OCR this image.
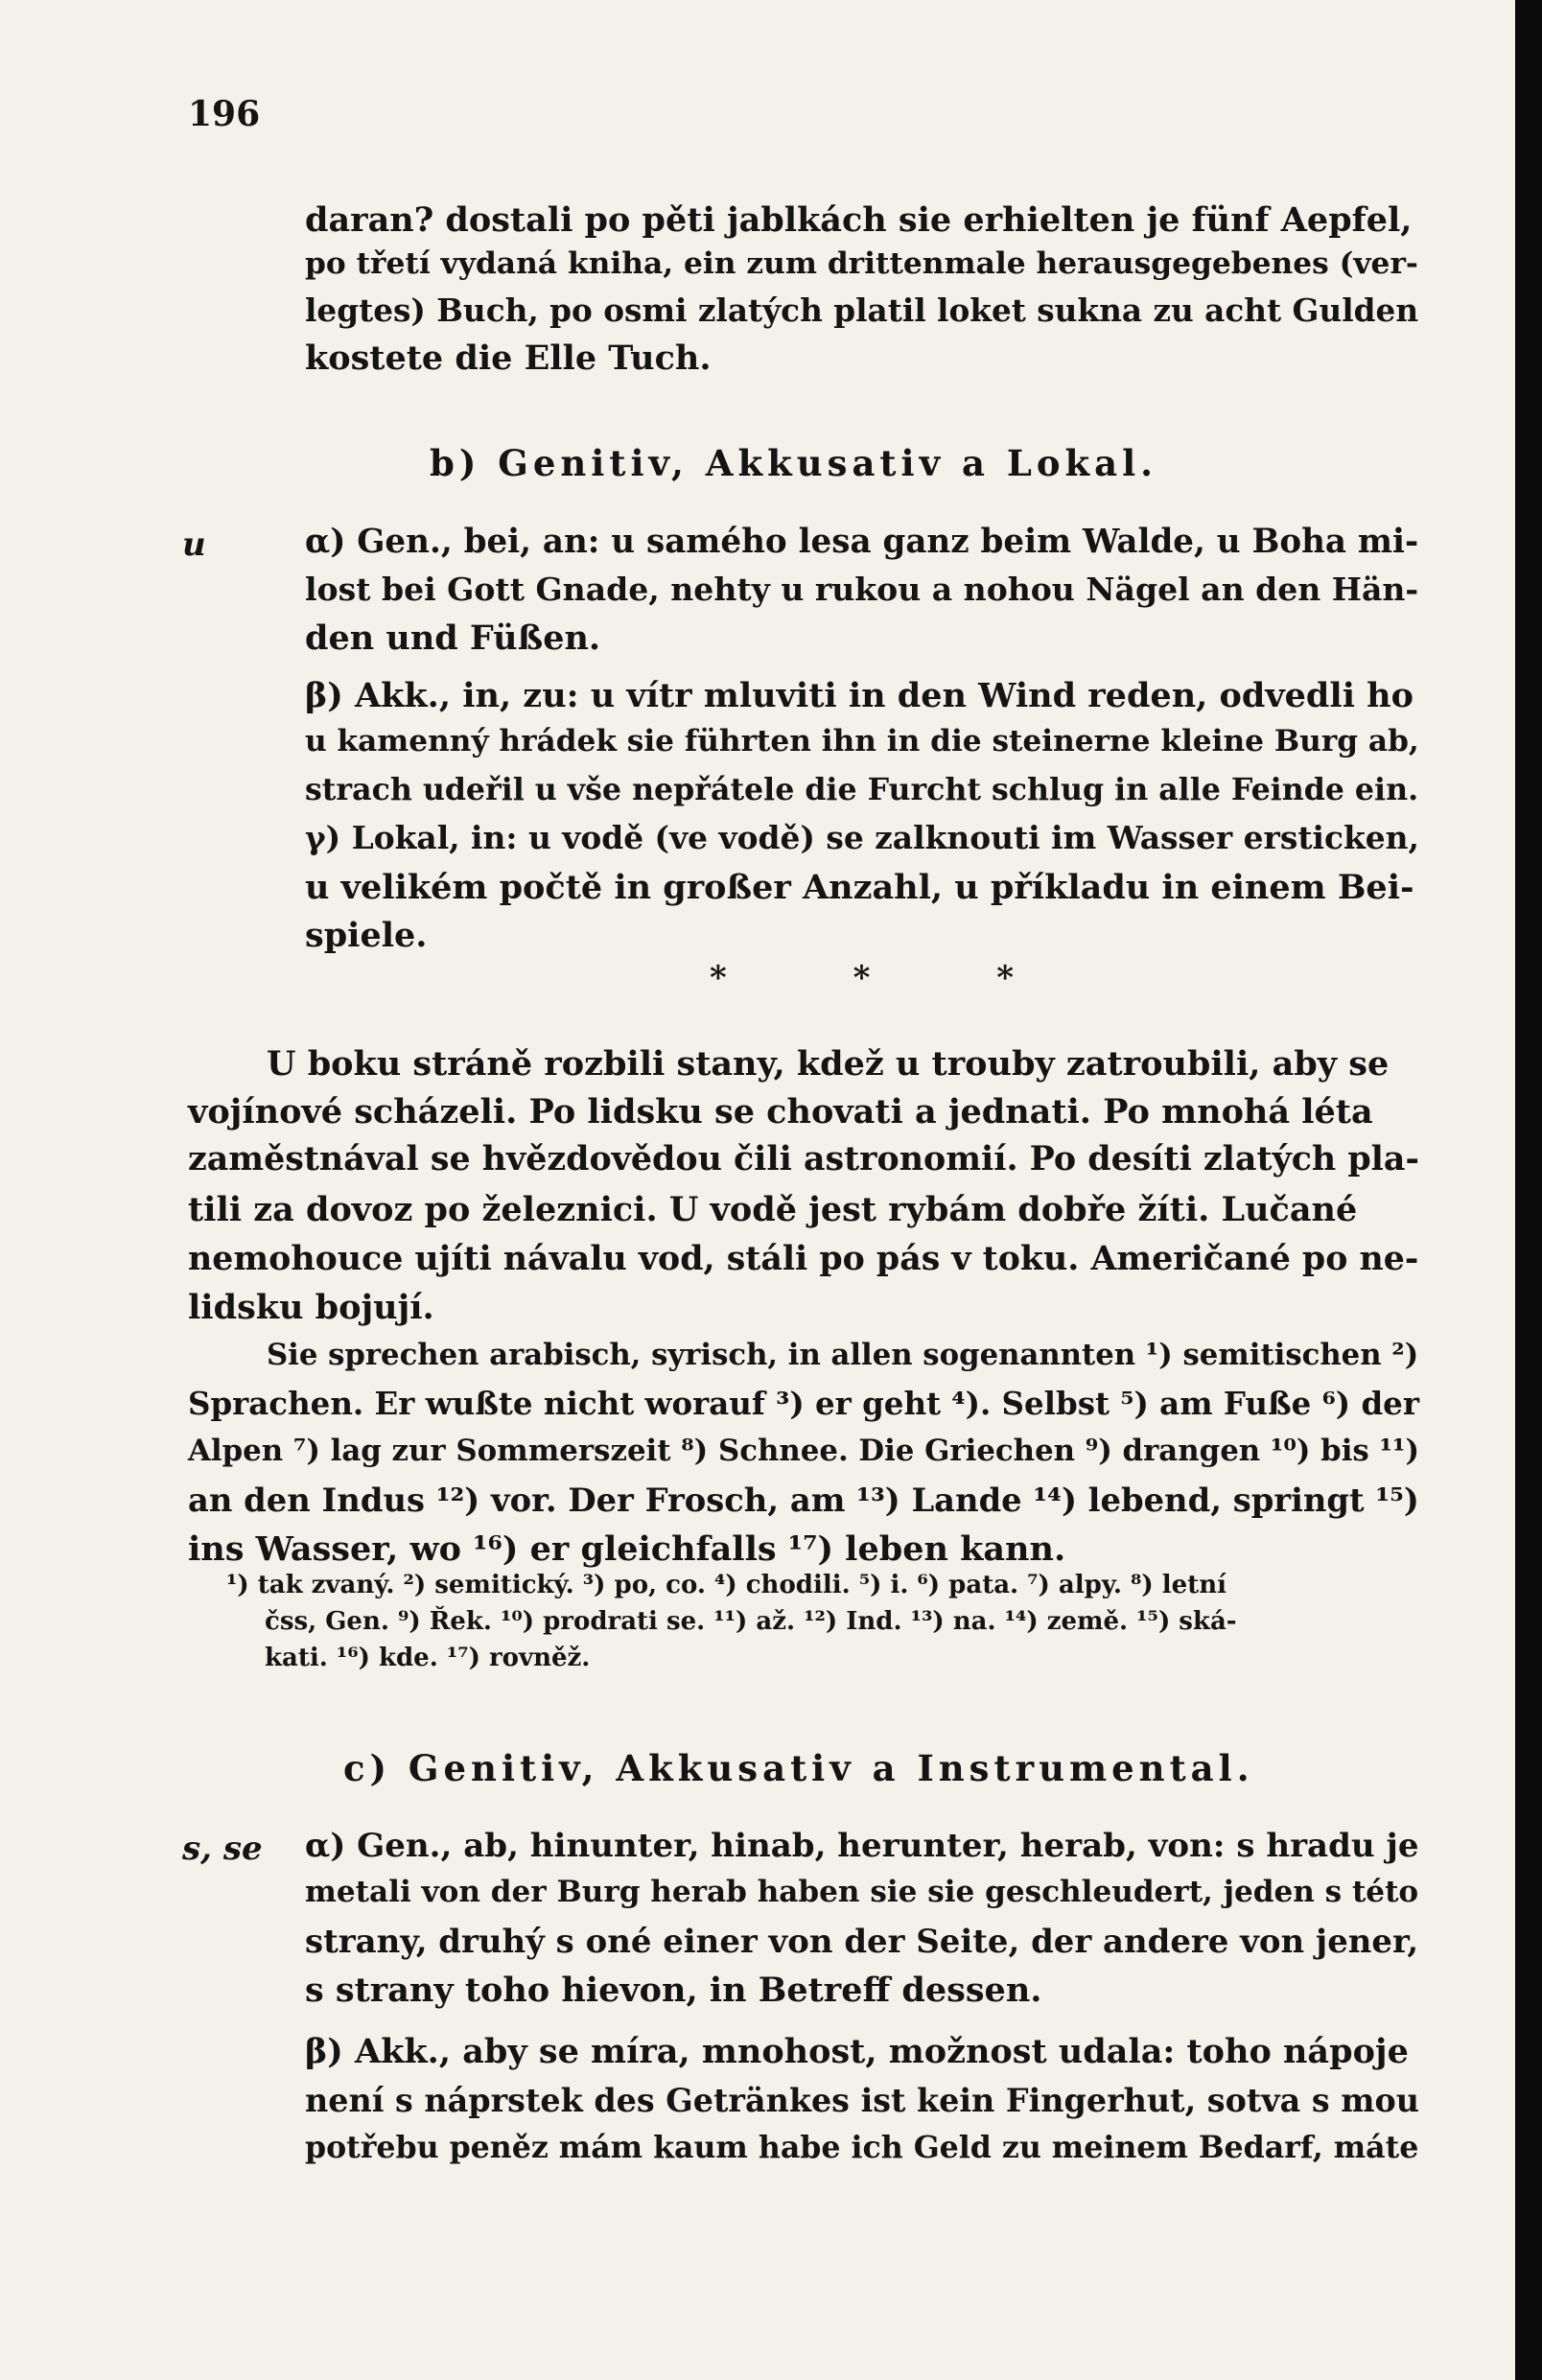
196
daran? dostali po pěti jablkách sie erhielten je fünf Aepfel,
po třetí vydaná kniha, ein zum drittenmale herausgegebenes (ver-
legtes) Buch, po osmi zlatých platil loket sukna zu acht Gulden
kostete die Elle Tuch.
b) Genitiv, Akkusativ a Lokal.
u	α) Gen., bei, an: u samého lesa ganz beim Walde, u Boha mi-
lost bei Gott Gnade, nehty u rukou a nohou Nägel an den Hän-
den und Füßen.
β) Akk., in, zu: u vítr mluviti in den Wind reden, odvedli ho
u kamenný hrádek sie führten ihn in die steinerne kleine Burg ab,
strach udeřil u vše nepřátele die Furcht schlug in alle Feinde ein.
γ) Lokal, in: u vodě (ve vodě) se zalknouti im Wasser ersticken,
u velikém počtě in großer Anzahl, u příkladu in einem Bei-
spiele.
* * *
U boku stráně rozbili stany, kdež u trouby zatroubili, aby se
vojínové scházeli. Po lidsku se chovati a jednati. Po mnohá léta
zaměstnával se hvězdovědou čili astronomií. Po desíti zlatých pla-
tili za dovoz po železnici. U vodě jest rybám dobře žíti. Lučané
nemohouce ujíti návalu vod, stáli po pás v toku. Američané po ne-
lidsku bojují.
Sie sprechen arabisch, syrisch, in allen sogenannten ¹) semitischen ²)
Sprachen. Er wußte nicht worauf ³) er geht ⁴). Selbst ⁵) am Fuße ⁶) der
Alpen ⁷) lag zur Sommerszeit ⁸) Schnee. Die Griechen ⁹) drangen ¹⁰) bis ¹¹)
an den Indus ¹²) vor. Der Frosch, am ¹³) Lande ¹⁴) lebend, springt ¹⁵)
ins Wasser, wo ¹⁶) er gleichfalls ¹⁷) leben kann.
¹) tak zvaný. ²) semitický. ³) po, co. ⁴) chodili. ⁵) i. ⁶) pata. ⁷) alpy. ⁸) letní
čss, Gen. ⁹) Řek. ¹⁰) prodrati se. ¹¹) až. ¹²) Ind. ¹³) na. ¹⁴) země. ¹⁵) ská-
kati. ¹⁶) kde. ¹⁷) rovněž.
c) Genitiv, Akkusativ a Instrumental.
s, se α) Gen., ab, hinunter, hinab, herunter, herab, von: s hradu je
metali von der Burg herab haben sie sie geschleudert, jeden s této
strany, druhý s oné einer von der Seite, der andere von jener,
s strany toho hievon, in Betreff dessen.
β) Akk., aby se míra, mnohost, možnost udala: toho nápoje
není s náprstek des Getränkes ist kein Fingerhut, sotva s mou
potřebu peněz mám kaum habe ich Geld zu meinem Bedarf, máte
